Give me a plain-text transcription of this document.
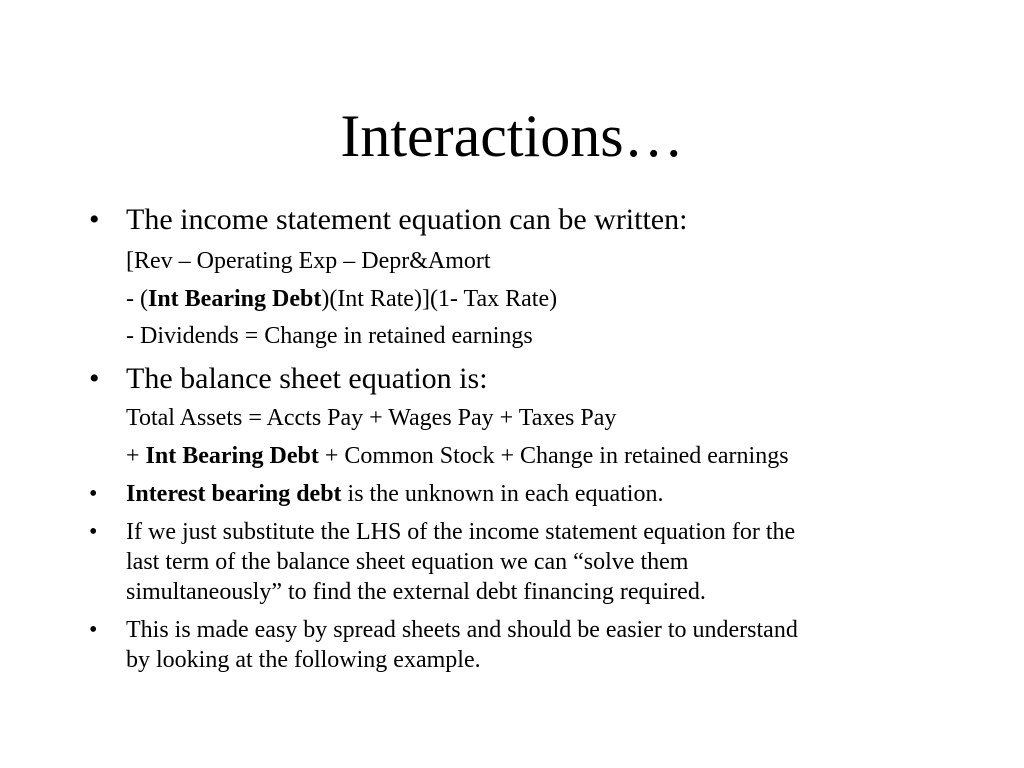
Interactions…
• The income statement equation can be written:
[Rev – Operating Exp – Depr&Amort
- (Int Bearing Debt)(Int Rate)](1- Tax Rate)
- Dividends = Change in retained earnings
• The balance sheet equation is:
Total Assets = Accts Pay + Wages Pay + Taxes Pay
+ Int Bearing Debt + Common Stock + Change in retained earnings
•	Interest bearing debt is the unknown in each equation.
•	If we just substitute the LHS of the income statement equation for the
last term of the balance sheet equation we can “solve them
simultaneously” to find the external debt financing required.
•	This is made easy by spread sheets and should be easier to understand
by looking at the following example.
